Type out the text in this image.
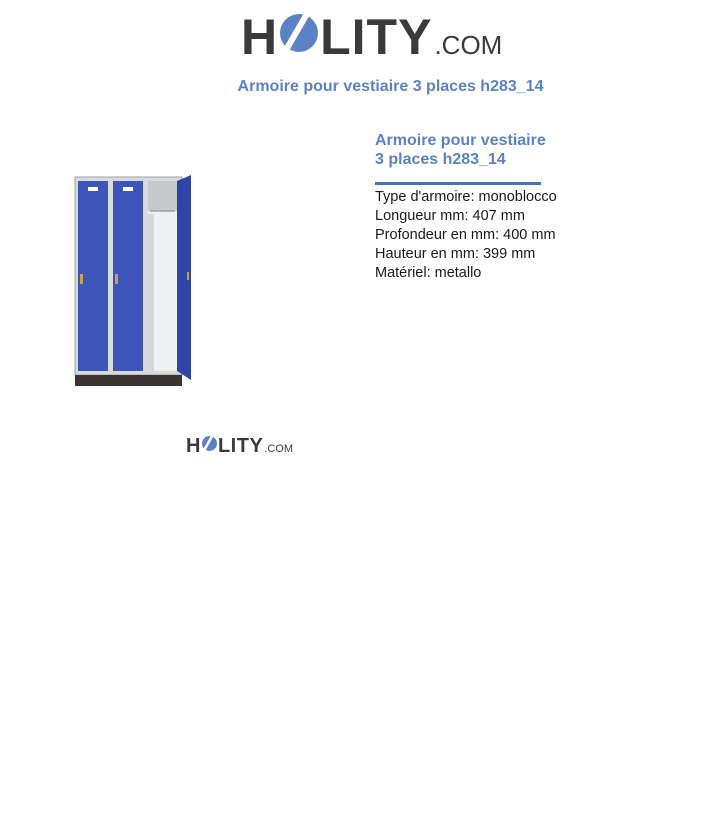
H LITY .COM
Armoire pour vestiaire 3 places h283_14
H LITY .COM
Armoire pour vestiaire
3 places h283_14
Type d'armoire: monoblocco
Longueur mm: 407 mm
Profondeur en mm: 400 mm
Hauteur en mm: 399 mm
Matériel: metallo
